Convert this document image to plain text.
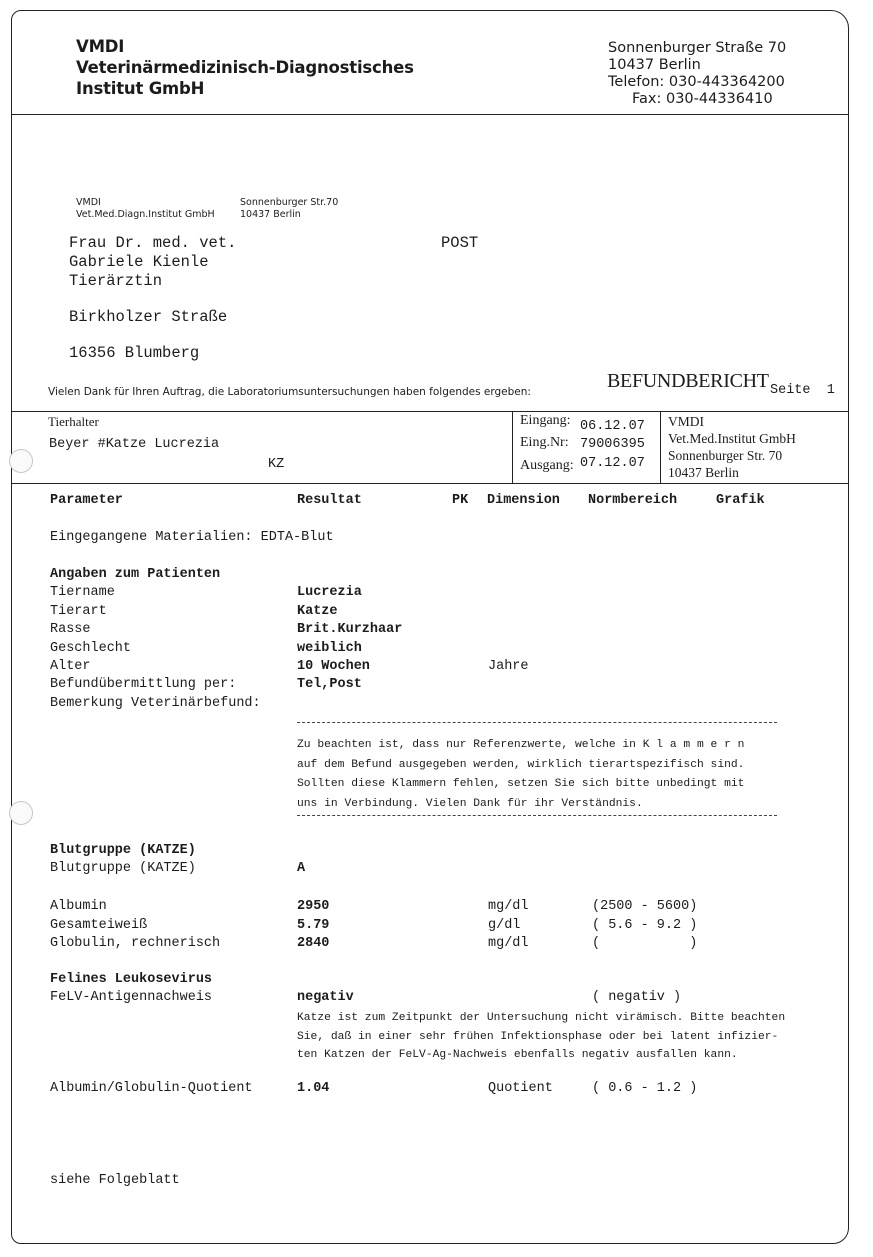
VMDI
Veterinärmedizinisch-Diagnostisches
Institut GmbH
Sonnenburger Straße 70
10437 Berlin
Telefon: 030-443364200
Fax: 030-44336410
VMDI
Vet.Med.Diagn.Institut GmbH
Sonnenburger Str.70
10437 Berlin
Frau Dr. med. vet.
Gabriele Kienle
Tierärztin
POST
Birkholzer Straße
16356 Blumberg
Vielen Dank für Ihren Auftrag, die Laboratoriumsuntersuchungen haben folgendes ergeben:	BEFUNDBERICHT Seite 1
Tierhalter
Beyer #Katze Lucrezia
KZ
Eingang: 06.12.07
Eing.Nr: 79006395
Ausgang: 07.12.07
VMDI
Vet.Med.Institut GmbH
Sonnenburger Str. 70
10437 Berlin
Parameter	Resultat	PK Dimension Normbereich	Grafik
Eingegangene Materialien: EDTA-Blut
Angaben zum Patienten
Tiername	Lucrezia
Tierart	Katze
Rasse	Brit.Kurzhaar
Geschlecht	weiblich
Alter	10 Wochen	Jahre
Befundübermittlung per:	Tel,Post
Bemerkung Veterinärbefund:
Zu beachten ist, dass nur Referenzwerte, welche in K l a m m e r n
auf dem Befund ausgegeben werden, wirklich tierartspezifisch sind.
Sollten diese Klammern fehlen, setzen Sie sich bitte unbedingt mit
uns in Verbindung. Vielen Dank für ihr Verständnis.
Blutgruppe (KATZE)
Blutgruppe (KATZE)	A
Albumin	2950	mg/dl	(2500 - 5600)
Gesamteiweiß	5.79	g/dl	( 5.6 - 9.2 )
Globulin, rechnerisch	2840	mg/dl	(           )
Felines Leukosevirus
FeLV-Antigennachweis	negativ	( negativ )
Katze ist zum Zeitpunkt der Untersuchung nicht virämisch. Bitte beachten
Sie, daß in einer sehr frühen Infektionsphase oder bei latent infizier-
ten Katzen der FeLV-Ag-Nachweis ebenfalls negativ ausfallen kann.
Albumin/Globulin-Quotient	1.04	Quotient	( 0.6 - 1.2 )
siehe Folgeblatt
